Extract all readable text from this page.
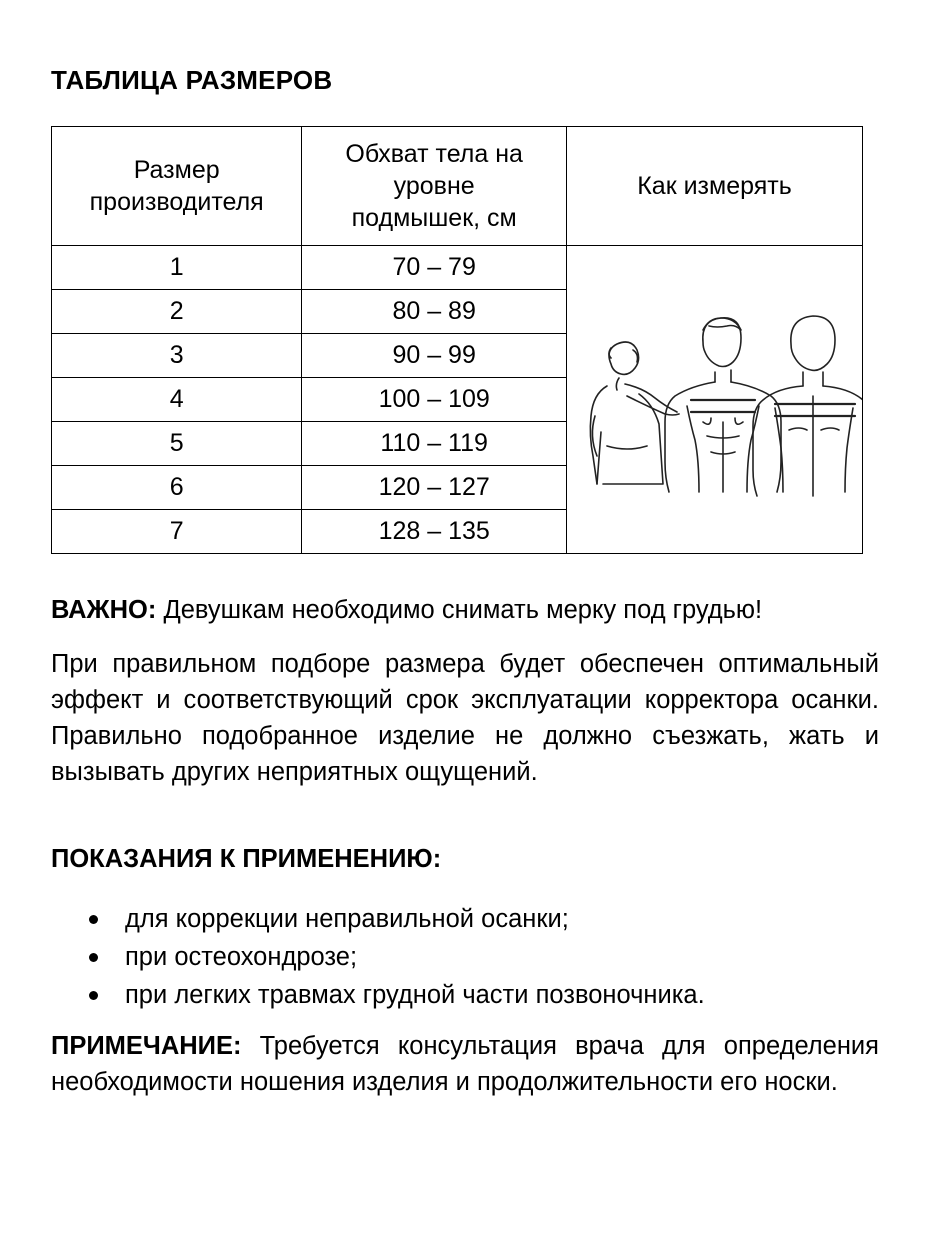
ТАБЛИЦА РАЗМЕРОВ
Размер производителя	Обхват тела на уровне подмышек, см	Как измерять
1	70 – 79	
2	80 – 89	
3	90 – 99	
4	100 – 109	
5	110 – 119	
6	120 – 127	
7	128 – 135	
ВАЖНО: Девушкам необходимо снимать мерку под грудью!
При правильном подборе размера будет обеспечен оптимальный эффект и соответствующий срок эксплуатации корректора осанки. Правильно подобранное изделие не должно съезжать, жать и вызывать других неприятных ощущений.
ПОКАЗАНИЯ К ПРИМЕНЕНИЮ:
для коррекции неправильной осанки;
при остеохондрозе;
при легких травмах грудной части позвоночника.
ПРИМЕЧАНИЕ: Требуется консультация врача для определения необходимости ношения изделия и продолжительности его носки.
